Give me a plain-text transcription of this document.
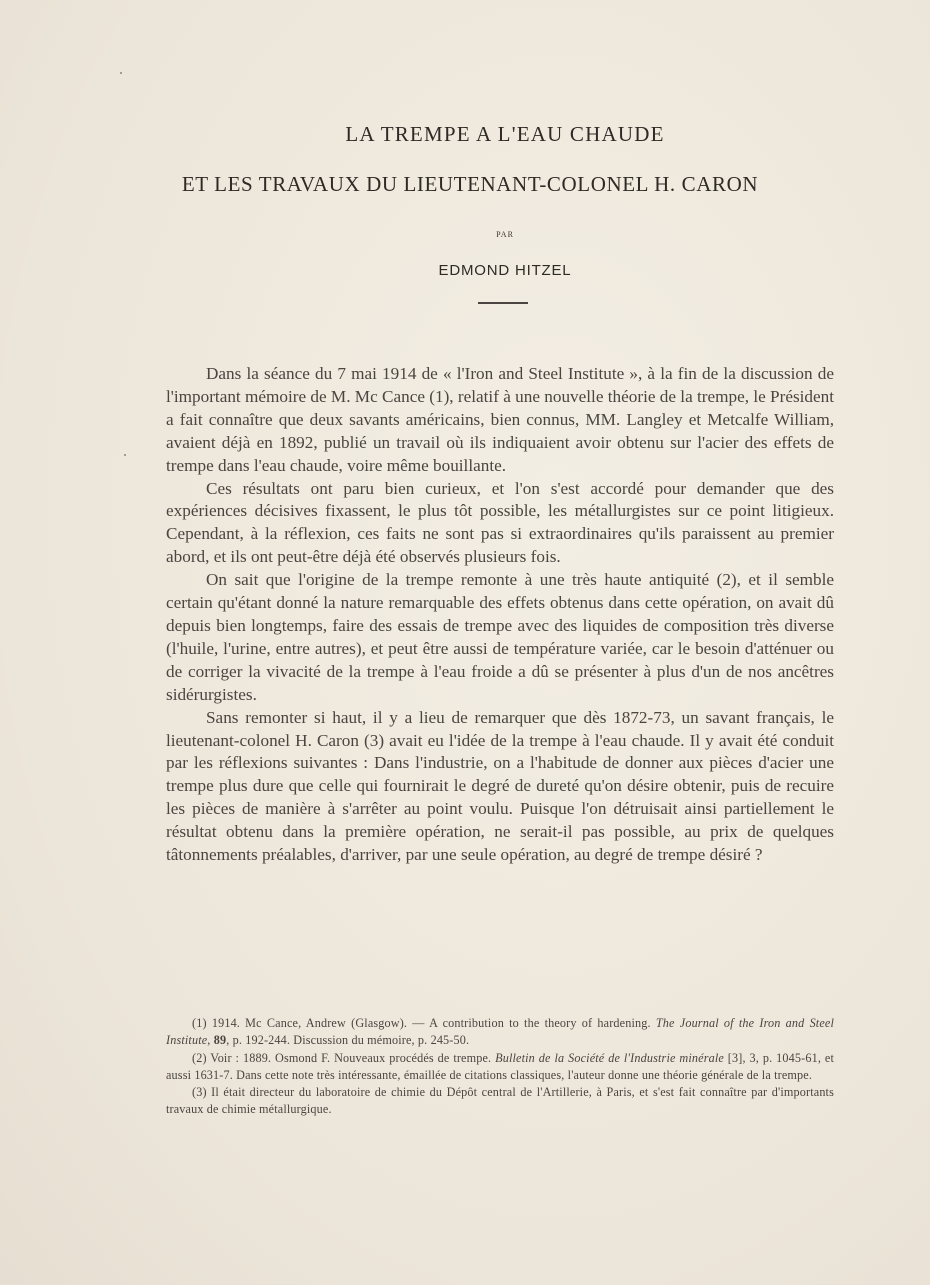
LA TREMPE A L'EAU CHAUDE
ET LES TRAVAUX DU LIEUTENANT-COLONEL H. CARON
PAR
EDMOND HITZEL

Dans la séance du 7 mai 1914 de « l'Iron and Steel Institute », à la fin de la discussion de l'important mémoire de M. Mc Cance (1), relatif à une nouvelle théorie de la trempe, le Président a fait connaître que deux savants américains, bien connus, MM. Langley et Metcalfe William, avaient déjà en 1892, publié un travail où ils indiquaient avoir obtenu sur l'acier des effets de trempe dans l'eau chaude, voire même bouillante.

Ces résultats ont paru bien curieux, et l'on s'est accordé pour demander que des expériences décisives fixassent, le plus tôt possible, les métallurgistes sur ce point litigieux. Cependant, à la réflexion, ces faits ne sont pas si extraordinaires qu'ils paraissent au premier abord, et ils ont peut-être déjà été observés plusieurs fois.

On sait que l'origine de la trempe remonte à une très haute antiquité (2), et il semble certain qu'étant donné la nature remarquable des effets obtenus dans cette opération, on avait dû depuis bien longtemps, faire des essais de trempe avec des liquides de composition très diverse (l'huile, l'urine, entre autres), et peut être aussi de température variée, car le besoin d'atténuer ou de corriger la vivacité de la trempe à l'eau froide a dû se présenter à plus d'un de nos ancêtres sidérurgistes.

Sans remonter si haut, il y a lieu de remarquer que dès 1872-73, un savant français, le lieutenant-colonel H. Caron (3) avait eu l'idée de la trempe à l'eau chaude. Il y avait été conduit par les réflexions suivantes : Dans l'industrie, on a l'habitude de donner aux pièces d'acier une trempe plus dure que celle qui fournirait le degré de dureté qu'on désire obtenir, puis de recuire les pièces de manière à s'arrêter au point voulu. Puisque l'on détruisait ainsi partiellement le résultat obtenu dans la première opération, ne serait-il pas possible, au prix de quelques tâtonnements préalables, d'arriver, par une seule opération, au degré de trempe désiré ?

(1) 1914. Mc Cance, Andrew (Glasgow). — A contribution to the theory of hardening. The Journal of the Iron and Steel Institute, 89, p. 192-244. Discussion du mémoire, p. 245-50.

(2) Voir : 1889. Osmond F. Nouveaux procédés de trempe. Bulletin de la Société de l'Industrie minérale [3], 3, p. 1045-61, et aussi 1631-7. Dans cette note très intéressante, émaillée de citations classiques, l'auteur donne une théorie générale de la trempe.

(3) Il était directeur du laboratoire de chimie du Dépôt central de l'Artillerie, à Paris, et s'est fait connaître par d'importants travaux de chimie métallurgique.
